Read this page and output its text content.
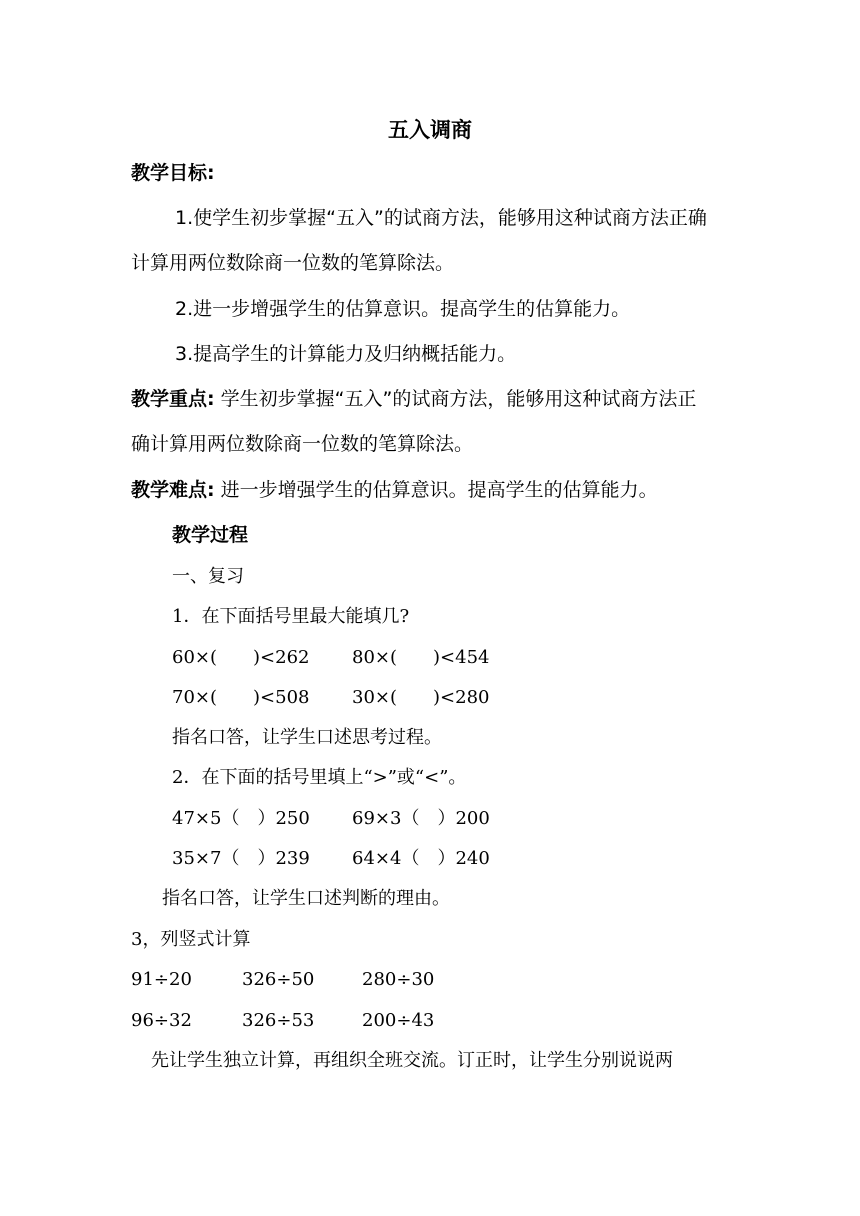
五入调商
教学目标:
1.使学生初步掌握“五入”的试商方法，能够用这种试商方法正确
计算用两位数除商一位数的笔算除法。
2.进一步增强学生的估算意识。提高学生的估算能力。
3.提高学生的计算能力及归纳概括能力。
教学重点: 学生初步掌握“五入”的试商方法，能够用这种试商方法正
确计算用两位数除商一位数的笔算除法。
教学难点: 进一步增强学生的估算意识。提高学生的估算能力。
教学过程
一、复习
1．在下面括号里最大能填几?
60×(　　)<262 80×(　　)<454
70×(　　)<508 30×(　　)<280
指名口答，让学生口述思考过程。
2．在下面的括号里填上“>”或“<”。
47×5（　）250 69×3（　）200
35×7（　）239 64×4（　）240
指名口答，让学生口述判断的理由。
3，列竖式计算
91÷20	326÷50	280÷30
96÷32	326÷53	200÷43
先让学生独立计算，再组织全班交流。订正时，让学生分别说说两
